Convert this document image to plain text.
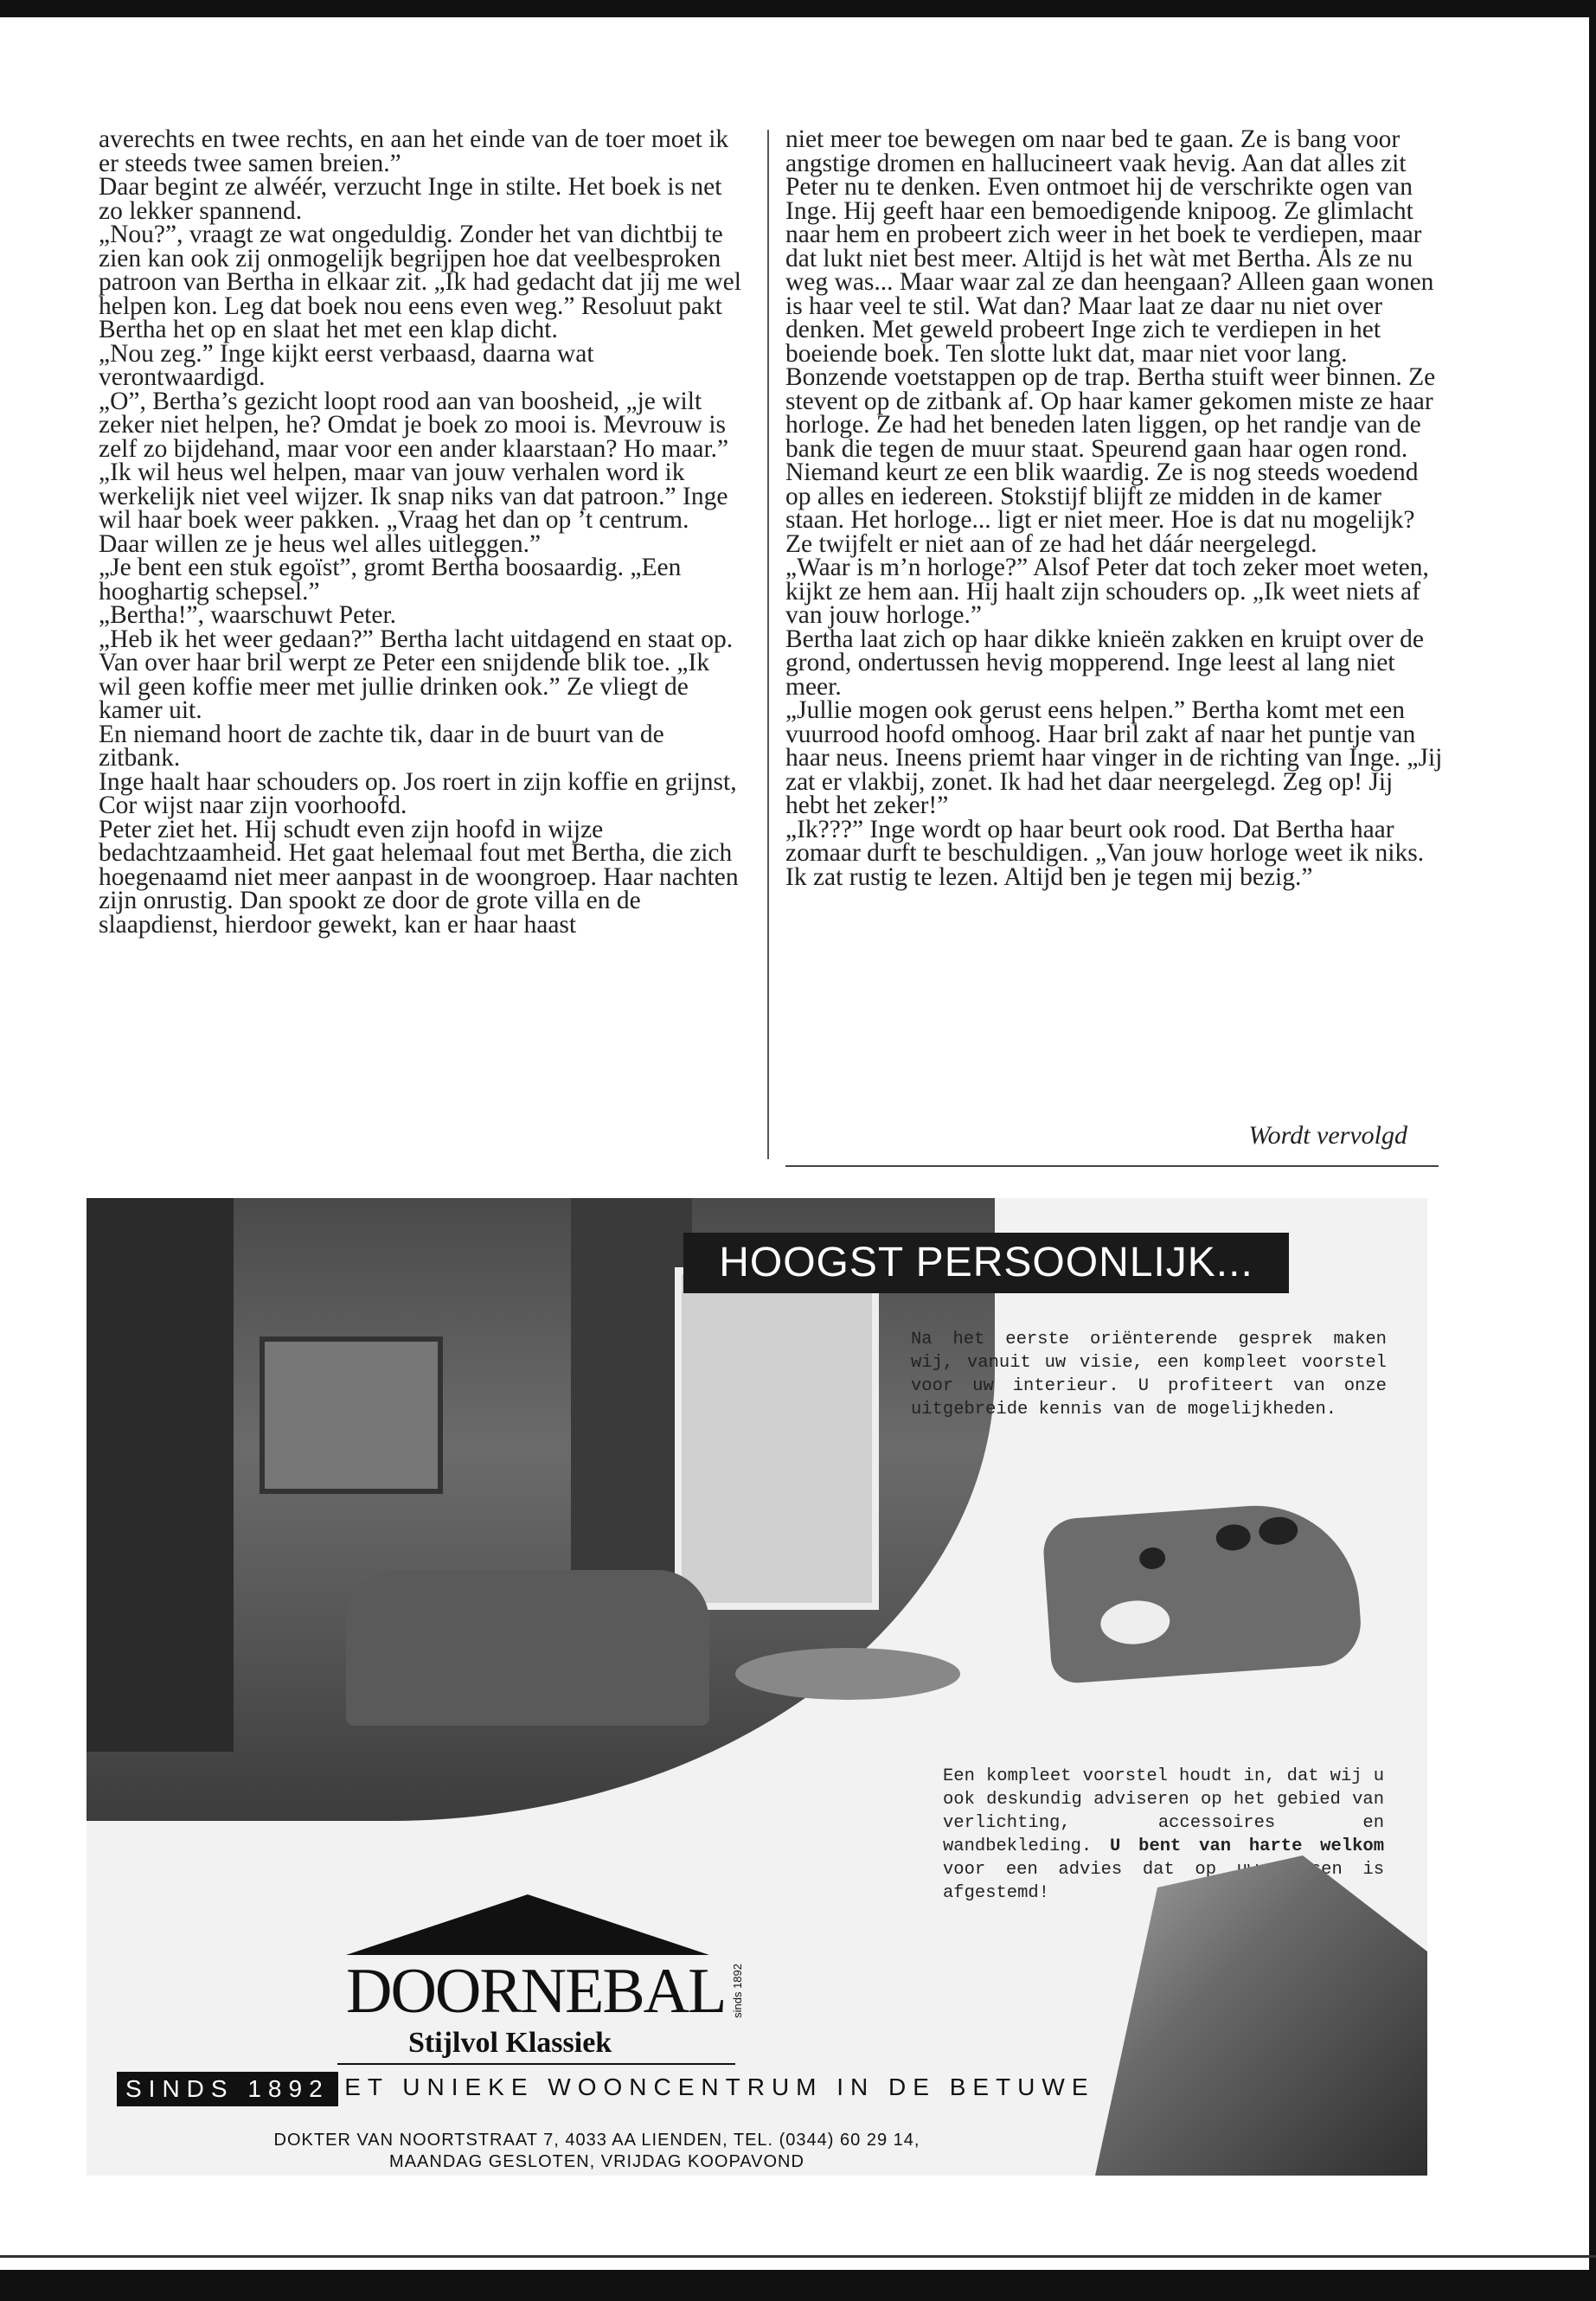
averechts en twee rechts, en aan het einde van de toer moet ik er steeds twee samen breien.”

Daar begint ze alwéér, verzucht Inge in stilte. Het boek is net zo lekker spannend.

„Nou?”, vraagt ze wat ongeduldig. Zonder het van dichtbij te zien kan ook zij onmogelijk begrijpen hoe dat veelbesproken patroon van Bertha in elkaar zit. „Ik had gedacht dat jij me wel helpen kon. Leg dat boek nou eens even weg.” Resoluut pakt Bertha het op en slaat het met een klap dicht.

„Nou zeg.” Inge kijkt eerst verbaasd, daarna wat verontwaardigd.

„O”, Bertha’s gezicht loopt rood aan van boosheid, „je wilt zeker niet helpen, he? Omdat je boek zo mooi is. Mevrouw is zelf zo bijdehand, maar voor een ander klaarstaan? Ho maar.”

„Ik wil heus wel helpen, maar van jouw verhalen word ik werkelijk niet veel wijzer. Ik snap niks van dat patroon.” Inge wil haar boek weer pakken. „Vraag het dan op ’t centrum. Daar willen ze je heus wel alles uitleggen.”

„Je bent een stuk egoïst”, gromt Bertha boosaardig. „Een hooghartig schepsel.”

„Bertha!”, waarschuwt Peter.

„Heb ik het weer gedaan?” Bertha lacht uitdagend en staat op. Van over haar bril werpt ze Peter een snijdende blik toe. „Ik wil geen koffie meer met jullie drinken ook.” Ze vliegt de kamer uit.

En niemand hoort de zachte tik, daar in de buurt van de zitbank.

Inge haalt haar schouders op. Jos roert in zijn koffie en grijnst, Cor wijst naar zijn voorhoofd.

Peter ziet het. Hij schudt even zijn hoofd in wijze bedachtzaamheid. Het gaat helemaal fout met Bertha, die zich hoegenaamd niet meer aanpast in de woongroep. Haar nachten zijn onrustig. Dan spookt ze door de grote villa en de slaapdienst, hierdoor gewekt, kan er haar haast

niet meer toe bewegen om naar bed te gaan. Ze is bang voor angstige dromen en hallucineert vaak hevig. Aan dat alles zit Peter nu te denken. Even ontmoet hij de verschrikte ogen van Inge. Hij geeft haar een bemoedigende knipoog. Ze glimlacht naar hem en probeert zich weer in het boek te verdiepen, maar dat lukt niet best meer. Altijd is het wàt met Bertha. Als ze nu weg was... Maar waar zal ze dan heengaan? Alleen gaan wonen is haar veel te stil. Wat dan? Maar laat ze daar nu niet over denken. Met geweld probeert Inge zich te verdiepen in het boeiende boek. Ten slotte lukt dat, maar niet voor lang.

Bonzende voetstappen op de trap. Bertha stuift weer binnen. Ze stevent op de zitbank af. Op haar kamer gekomen miste ze haar horloge. Ze had het beneden laten liggen, op het randje van de bank die tegen de muur staat. Speurend gaan haar ogen rond. Niemand keurt ze een blik waardig. Ze is nog steeds woedend op alles en iedereen. Stokstijf blijft ze midden in de kamer staan. Het horloge... ligt er niet meer. Hoe is dat nu mogelijk? Ze twijfelt er niet aan of ze had het dáár neergelegd.

„Waar is m’n horloge?” Alsof Peter dat toch zeker moet weten, kijkt ze hem aan. Hij haalt zijn schouders op. „Ik weet niets af van jouw horloge.”

Bertha laat zich op haar dikke knieën zakken en kruipt over de grond, ondertussen hevig mopperend. Inge leest al lang niet meer.

„Jullie mogen ook gerust eens helpen.” Bertha komt met een vuurrood hoofd omhoog. Haar bril zakt af naar het puntje van haar neus. Ineens priemt haar vinger in de richting van Inge. „Jij zat er vlakbij, zonet. Ik had het daar neergelegd. Zeg op! Jij hebt het zeker!”

„Ik???” Inge wordt op haar beurt ook rood. Dat Bertha haar zomaar durft te beschuldigen. „Van jouw horloge weet ik niks. Ik zat rustig te lezen. Altijd ben je tegen mij bezig.”

Wordt vervolgd
HOOGST PERSOONLIJK...
Na het eerste oriënterende gesprek maken wij, vanuit uw visie, een kompleet voorstel voor uw interieur. U profiteert van onze uitgebreide kennis van de mogelijkheden.
Een kompleet voorstel houdt in, dat wij u ook deskundig adviseren op het gebied van verlichting, accessoires en wandbekleding. U bent van harte welkom voor een advies dat op uw wensen is afgestemd!
DOORNEBAL sinds 1892
Stijlvol Klassiek
SINDS 1892
HET UNIEKE WOONCENTRUM IN DE BETUWE
DOKTER VAN NOORTSTRAAT 7, 4033 AA LIENDEN, TEL. (0344) 60 29 14,
MAANDAG GESLOTEN, VRIJDAG KOOPAVOND
